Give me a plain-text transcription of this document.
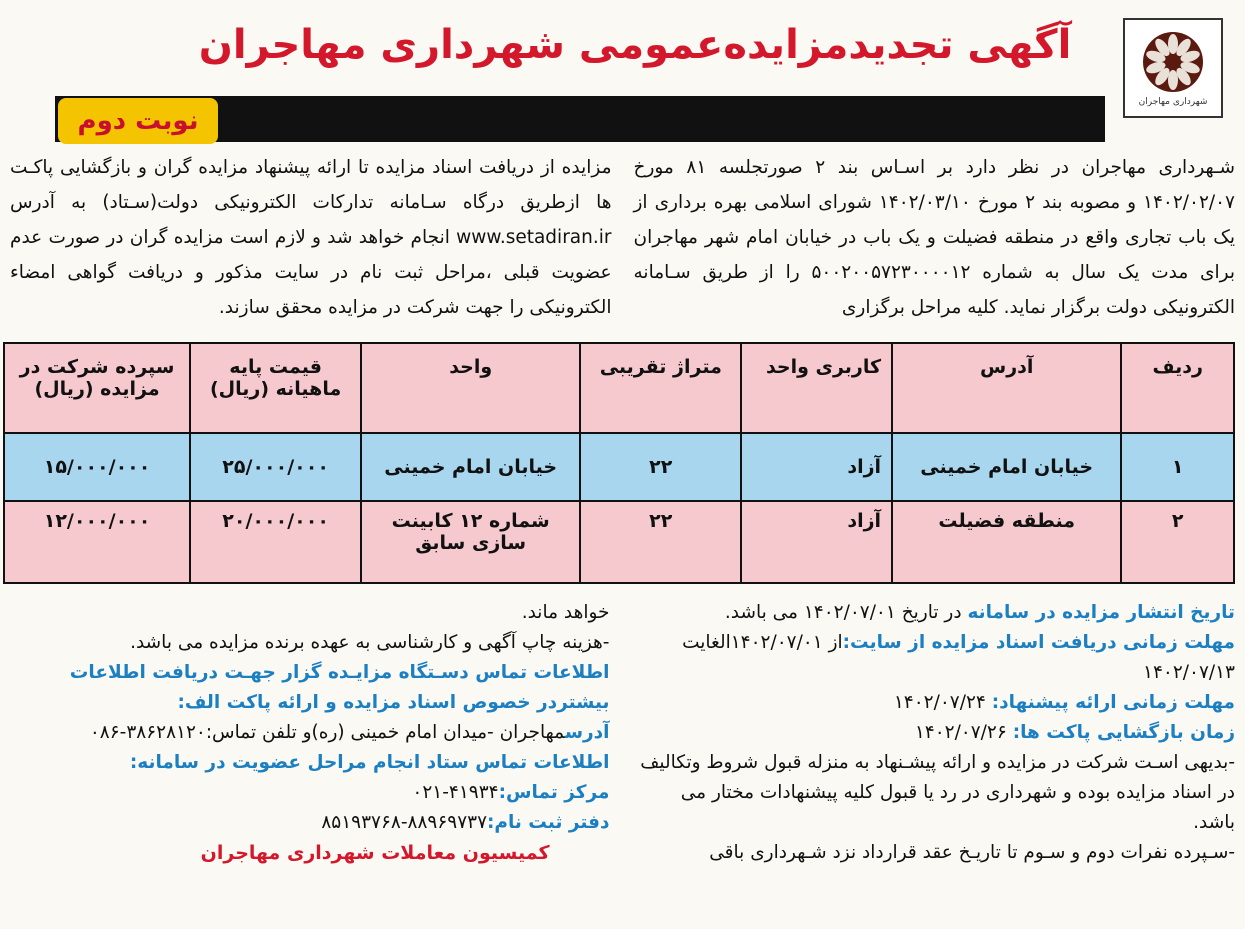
شهرداری مهاجران
آگهی تجدیدمزایده‌عمومی شهرداری مهاجران
نوبت دوم
شـهرداری مهاجران در نظر دارد بر اسـاس بند ۲ صورتجلسه ۸۱ مورخ ۱۴۰۲/۰۲/۰۷ و مصوبه بند ۲ مورخ ۱۴۰۲/۰۳/۱۰ شورای اسلامی بهره برداری از یک باب تجاری واقع در منطقه فضیلت و یک باب در خیابان امام شهر مهاجران برای مدت یک سال به شماره ۵۰۰۲۰۰۵۷۲۳۰۰۰۰۱۲ را از طریق سـامانه الکترونیکی دولت برگزار نماید. کلیه مراحل برگزاری
مزایده از دریافت اسناد مزایده تا ارائه پیشنهاد مزایده گران و بازگشایی پاکـت ها ازطریق درگاه سـامانه تدارکات الکترونیکی دولت(سـتاد) به آدرس www.setadiran.ir انجام خواهد شد و لازم است مزایده گران در صورت عدم عضویت قبلی ،مراحل ثبت نام در سایت مذکور و دریافت گواهی امضاء الکترونیکی را جهت شرکت در مزایده محقق سازند.
ردیف	آدرس	کاربری واحد	متراژ تقریبی	واحد	قیمت پایه ماهیانه (ریال)	سپرده شرکت در مزایده (ریال)
۱	خیابان امام خمینی	آزاد	۲۲	خیابان امام خمینی	۲۵/۰۰۰/۰۰۰	۱۵/۰۰۰/۰۰۰
۲	منطقه فضیلت	آزاد	۲۲	شماره ۱۲ کابینت سازی سابق	۲۰/۰۰۰/۰۰۰	۱۲/۰۰۰/۰۰۰

تاریخ انتشار مزایده در سامانه در تاریخ ۱۴۰۲/۰۷/۰۱ می باشد.

مهلت زمانی دریافت اسناد مزایده از سایت:از ۱۴۰۲/۰۷/۰۱الغایت ۱۴۰۲/۰۷/۱۳

مهلت زمانی ارائه پیشنهاد: ۱۴۰۲/۰۷/۲۴

زمان بازگشایی پاکت ها: ۱۴۰۲/۰۷/۲۶

-بدیهی اسـت شرکت در مزایده و ارائه پیشـنهاد به منزله قبول شروط وتکالیف در اسناد مزایده بوده و شهرداری در رد یا قبول کلیه پیشنهادات مختار می باشد.

-سـپرده نفرات دوم و سـوم تا تاریـخ عقد قرارداد نزد شـهرداری باقی

خواهد ماند.

-هزینه چاپ آگهی و کارشناسی به عهده برنده مزایده می باشد.

اطلاعات تماس دسـتگاه مزایـده گزار جهـت دریافت اطلاعات بیشتردر خصوص اسناد مزایده و ارائه پاکت الف:

آدرسمهاجران -میدان امام خمینی (ره)و تلفن تماس:۳۸۶۲۸۱۲۰-۰۸۶

اطلاعات تماس ستاد انجام مراحل عضویت در سامانه:

مرکز تماس:۴۱۹۳۴-۰۲۱

دفتر ثبت نام:۸۸۹۶۹۷۳۷-۸۵۱۹۳۷۶۸

کمیسیون معاملات شهرداری مهاجران
